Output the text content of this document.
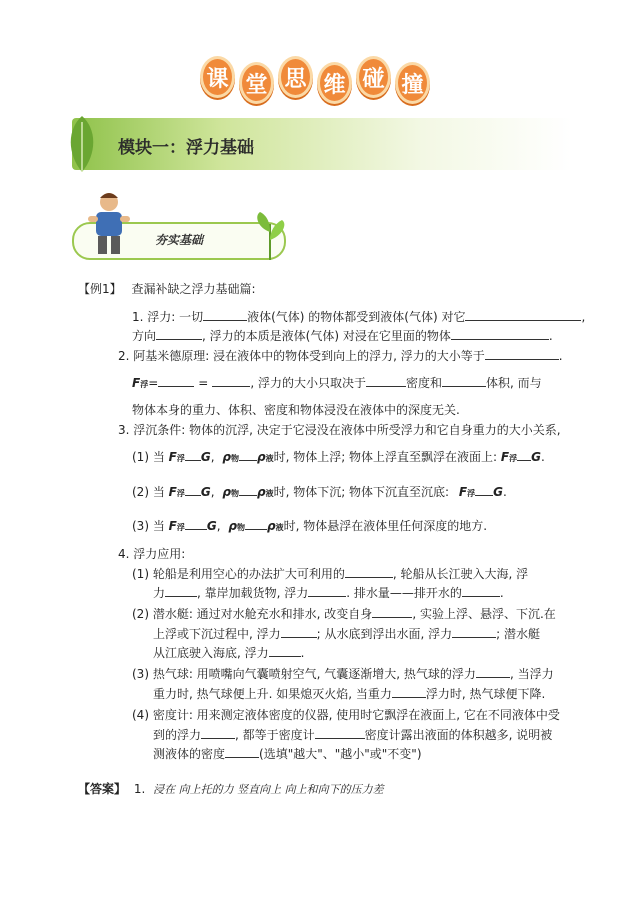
课 堂 思 维 碰 撞
模块一：浮力基础
夯实基础
【例1】 查漏补缺之浮力基础篇:
1. 浮力: 一切	液体(气体) 的物体都受到液体(气体) 对它	,
方向	, 浮力的本质是液体(气体) 对浸在它里面的物体	.
2. 阿基米德原理: 浸在液体中的物体受到向上的浮力, 浮力的大小等于	.
F浮=	=	, 浮力的大小只取决于	密度和	体积, 而与
物体本身的重力、体积、密度和物体浸没在液体中的深度无关.
3. 浮沉条件: 物体的沉浮, 决定于它浸没在液体中所受浮力和它自身重力的大小关系,
(1) 当 F浮 G, ρ物 ρ液时, 物体上浮; 物体上浮直至飘浮在液面上: F浮 G.
(2) 当 F浮 G, ρ物 ρ液时, 物体下沉; 物体下沉直至沉底: F浮 G.
(3) 当 F浮 G, ρ物 ρ液时, 物体悬浮在液体里任何深度的地方.
4. 浮力应用:
(1) 轮船是利用空心的办法扩大可利用的	, 轮船从长江驶入大海, 浮
力	, 靠岸加载货物, 浮力	. 排水量——排开水的	.
(2) 潜水艇: 通过对水舱充水和排水, 改变自身	, 实验上浮、悬浮、下沉.在
上浮或下沉过程中, 浮力	; 从水底到浮出水面, 浮力	; 潜水艇
从江底驶入海底, 浮力	.
(3) 热气球: 用喷嘴向气囊喷射空气, 气囊逐渐增大, 热气球的浮力	, 当浮力
重力时, 热气球便上升. 如果熄灭火焰, 当重力	浮力时, 热气球便下降.
(4) 密度计: 用来测定液体密度的仪器, 使用时它飘浮在液面上, 它在不同液体中受
到的浮力	, 都等于密度计	密度计露出液面的体积越多, 说明被
测液体的密度	(选填"越大"、"越小"或"不变")
【答案】 1. 浸在 向上托的力 竖直向上 向上和向下的压力差
